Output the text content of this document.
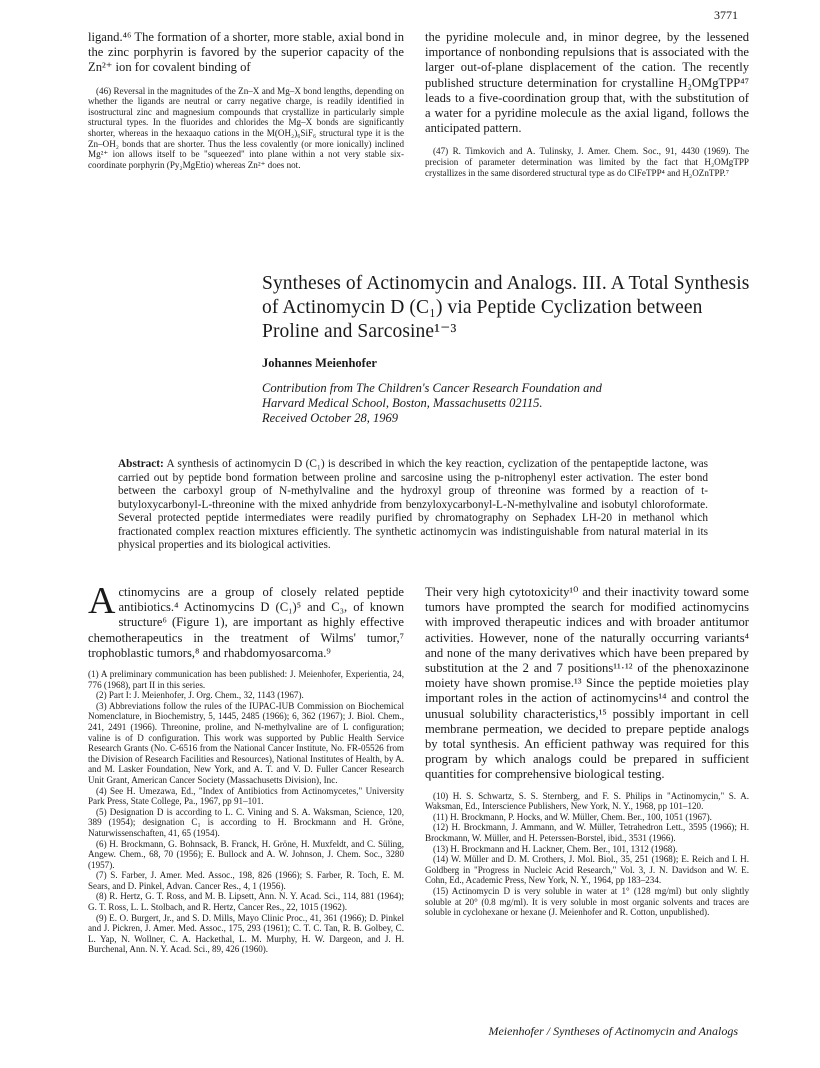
3771

ligand.⁴⁶ The formation of a shorter, more stable, axial bond in the zinc porphyrin is favored by the superior capacity of the Zn²⁺ ion for covalent binding of

(46) Reversal in the magnitudes of the Zn–X and Mg–X bond lengths, depending on whether the ligands are neutral or carry negative charge, is readily identified in isostructural zinc and magnesium compounds that crystallize in particularly simple structural types. In the fluorides and chlorides the Mg–X bonds are significantly shorter, whereas in the hexaaquo cations in the M(OH₂)₆SiF₆ structural type it is the Zn–OH₂ bonds that are shorter. Thus the less covalently (or more ionically) inclined Mg²⁺ ion allows itself to be "squeezed" into plane within a not very stable six-coordinate porphyrin (Py₂MgEtio) whereas Zn²⁺ does not.

the pyridine molecule and, in minor degree, by the lessened importance of nonbonding repulsions that is associated with the larger out-of-plane displacement of the cation. The recently published structure determination for crystalline H₂OMgTPP⁴⁷ leads to a five-coordination group that, with the substitution of a water for a pyridine molecule as the axial ligand, follows the anticipated pattern.

(47) R. Timkovich and A. Tulinsky, J. Amer. Chem. Soc., 91, 4430 (1969). The precision of parameter determination was limited by the fact that H₂OMgTPP crystallizes in the same disordered structural type as do ClFeTPP⁴ and H₂OZnTPP.⁷

Syntheses of Actinomycin and Analogs. III. A Total Synthesis of Actinomycin D (C₁) via Peptide Cyclization between Proline and Sarcosine¹⁻³

Johannes Meienhofer

Contribution from The Children's Cancer Research Foundation and
Harvard Medical School, Boston, Massachusetts 02115.
Received October 28, 1969

Abstract: A synthesis of actinomycin D (C₁) is described in which the key reaction, cyclization of the pentapeptide lactone, was carried out by peptide bond formation between proline and sarcosine using the p-nitrophenyl ester activation. The ester bond between the carboxyl group of N-methylvaline and the hydroxyl group of threonine was formed by a reaction of t-butyloxycarbonyl-L-threonine with the mixed anhydride from benzyloxycarbonyl-L-N-methylvaline and isobutyl chloroformate. Several protected peptide intermediates were readily purified by chromatography on Sephadex LH-20 in methanol which fractionated complex reaction mixtures efficiently. The synthetic actinomycin was indistinguishable from natural material in its physical properties and its biological activities.

Actinomycins are a group of closely related peptide antibiotics.⁴ Actinomycins D (C₁)⁵ and C₃, of known structure⁶ (Figure 1), are important as highly effective chemotherapeutics in the treatment of Wilms' tumor,⁷ trophoblastic tumors,⁸ and rhabdomyosarcoma.⁹

(1) A preliminary communication has been published: J. Meienhofer, Experientia, 24, 776 (1968), part II in this series.

(2) Part I: J. Meienhofer, J. Org. Chem., 32, 1143 (1967).

(3) Abbreviations follow the rules of the IUPAC-IUB Commission on Biochemical Nomenclature, in Biochemistry, 5, 1445, 2485 (1966); 6, 362 (1967); J. Biol. Chem., 241, 2491 (1966). Threonine, proline, and N-methylvaline are of L configuration; valine is of D configuration. This work was supported by Public Health Service Research Grants (No. C-6516 from the National Cancer Institute, No. FR-05526 from the Division of Research Facilities and Resources), National Institutes of Health, by A. and M. Lasker Foundation, New York, and A. T. and V. D. Fuller Cancer Research Unit Grant, American Cancer Society (Massachusetts Division), Inc.

(4) See H. Umezawa, Ed., "Index of Antibiotics from Actinomycetes," University Park Press, State College, Pa., 1967, pp 91–101.

(5) Designation D is according to L. C. Vining and S. A. Waksman, Science, 120, 389 (1954); designation C₁ is according to H. Brockmann and H. Gröne, Naturwissenschaften, 41, 65 (1954).

(6) H. Brockmann, G. Bohnsack, B. Franck, H. Gröne, H. Muxfeldt, and C. Süling, Angew. Chem., 68, 70 (1956); E. Bullock and A. W. Johnson, J. Chem. Soc., 3280 (1957).

(7) S. Farber, J. Amer. Med. Assoc., 198, 826 (1966); S. Farber, R. Toch, E. M. Sears, and D. Pinkel, Advan. Cancer Res., 4, 1 (1956).

(8) R. Hertz, G. T. Ross, and M. B. Lipsett, Ann. N. Y. Acad. Sci., 114, 881 (1964); G. T. Ross, L. L. Stolbach, and R. Hertz, Cancer Res., 22, 1015 (1962).

(9) E. O. Burgert, Jr., and S. D. Mills, Mayo Clinic Proc., 41, 361 (1966); D. Pinkel and J. Pickren, J. Amer. Med. Assoc., 175, 293 (1961); C. T. C. Tan, R. B. Golbey, C. L. Yap, N. Wollner, C. A. Hackethal, L. M. Murphy, H. W. Dargeon, and J. H. Burchenal, Ann. N. Y. Acad. Sci., 89, 426 (1960).

Their very high cytotoxicity¹⁰ and their inactivity toward some tumors have prompted the search for modified actinomycins with improved therapeutic indices and with broader antitumor activities. However, none of the naturally occurring variants⁴ and none of the many derivatives which have been prepared by substitution at the 2 and 7 positions¹¹·¹² of the phenoxazinone moiety have shown promise.¹³ Since the peptide moieties play important roles in the action of actinomycins¹⁴ and control the unusual solubility characteristics,¹⁵ possibly important in cell membrane permeation, we decided to prepare peptide analogs by total synthesis. An efficient pathway was required for this program by which analogs could be prepared in sufficient quantities for comprehensive biological testing.

(10) H. S. Schwartz, S. S. Sternberg, and F. S. Philips in "Actinomycin," S. A. Waksman, Ed., Interscience Publishers, New York, N. Y., 1968, pp 101–120.

(11) H. Brockmann, P. Hocks, and W. Müller, Chem. Ber., 100, 1051 (1967).

(12) H. Brockmann, J. Ammann, and W. Müller, Tetrahedron Lett., 3595 (1966); H. Brockmann, W. Müller, and H. Peterssen-Borstel, ibid., 3531 (1966).

(13) H. Brockmann and H. Lackner, Chem. Ber., 101, 1312 (1968).

(14) W. Müller and D. M. Crothers, J. Mol. Biol., 35, 251 (1968); E. Reich and I. H. Goldberg in "Progress in Nucleic Acid Research," Vol. 3, J. N. Davidson and W. E. Cohn, Ed., Academic Press, New York, N. Y., 1964, pp 183–234.

(15) Actinomycin D is very soluble in water at 1° (128 mg/ml) but only slightly soluble at 20° (0.8 mg/ml). It is very soluble in most organic solvents and traces are soluble in cyclohexane or hexane (J. Meienhofer and R. Cotton, unpublished).

Meienhofer / Syntheses of Actinomycin and Analogs
